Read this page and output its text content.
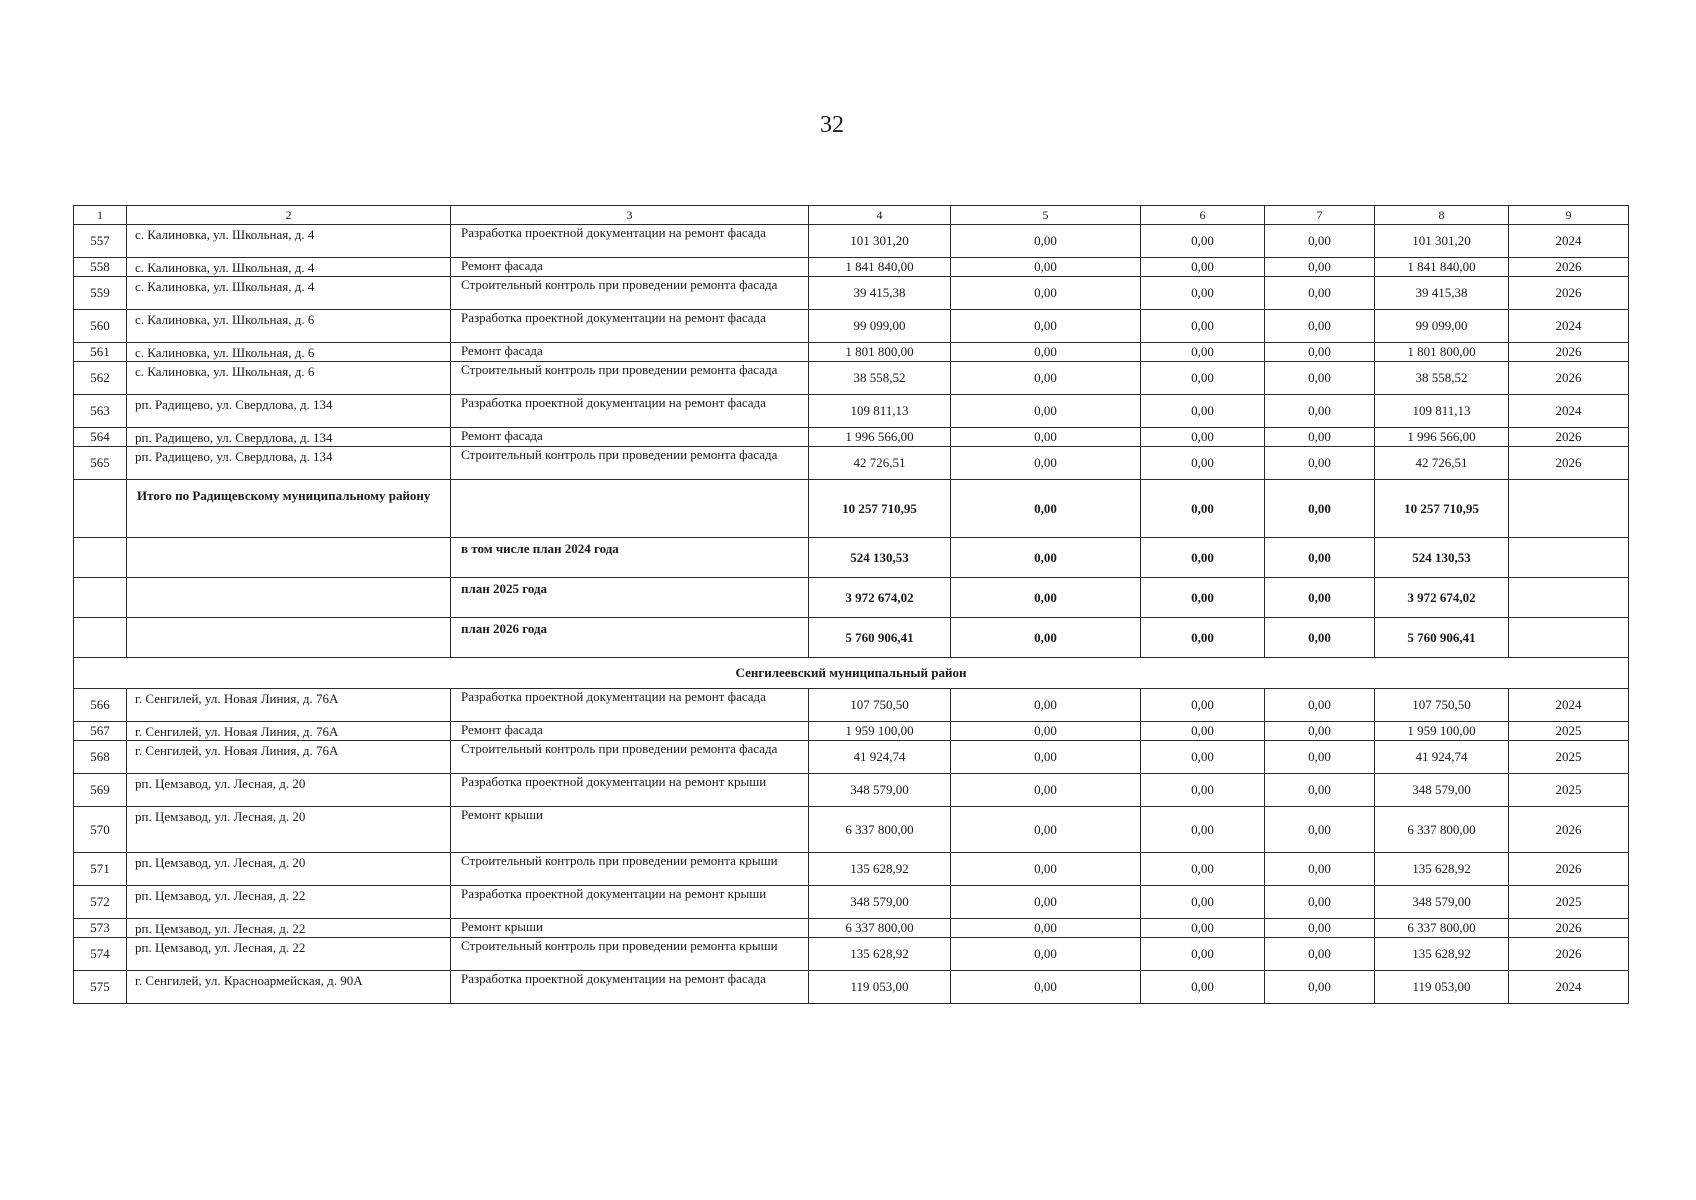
32
1	2	3	4	5	6	7	8	9
557	с. Калиновка, ул. Школьная, д. 4	Разработка проектной документации на ремонт фасада	101 301,20	0,00	0,00	0,00	101 301,20	2024
558	с. Калиновка, ул. Школьная, д. 4	Ремонт фасада	1 841 840,00	0,00	0,00	0,00	1 841 840,00	2026
559	с. Калиновка, ул. Школьная, д. 4	Строительный контроль при проведении ремонта фасада	39 415,38	0,00	0,00	0,00	39 415,38	2026
560	с. Калиновка, ул. Школьная, д. 6	Разработка проектной документации на ремонт фасада	99 099,00	0,00	0,00	0,00	99 099,00	2024
561	с. Калиновка, ул. Школьная, д. 6	Ремонт фасада	1 801 800,00	0,00	0,00	0,00	1 801 800,00	2026
562	с. Калиновка, ул. Школьная, д. 6	Строительный контроль при проведении ремонта фасада	38 558,52	0,00	0,00	0,00	38 558,52	2026
563	рп. Радищево, ул. Свердлова, д. 134	Разработка проектной документации на ремонт фасада	109 811,13	0,00	0,00	0,00	109 811,13	2024
564	рп. Радищево, ул. Свердлова, д. 134	Ремонт фасада	1 996 566,00	0,00	0,00	0,00	1 996 566,00	2026
565	рп. Радищево, ул. Свердлова, д. 134	Строительный контроль при проведении ремонта фасада	42 726,51	0,00	0,00	0,00	42 726,51	2026
	Итого по Радищевскому муниципальному району		10 257 710,95	0,00	0,00	0,00	10 257 710,95	
		в том числе план 2024 года	524 130,53	0,00	0,00	0,00	524 130,53	
		план 2025 года	3 972 674,02	0,00	0,00	0,00	3 972 674,02	
		план 2026 года	5 760 906,41	0,00	0,00	0,00	5 760 906,41	
Сенгилеевский муниципальный район								
566	г. Сенгилей, ул. Новая Линия, д. 76А	Разработка проектной документации на ремонт фасада	107 750,50	0,00	0,00	0,00	107 750,50	2024
567	г. Сенгилей, ул. Новая Линия, д. 76А	Ремонт фасада	1 959 100,00	0,00	0,00	0,00	1 959 100,00	2025
568	г. Сенгилей, ул. Новая Линия, д. 76А	Строительный контроль при проведении ремонта фасада	41 924,74	0,00	0,00	0,00	41 924,74	2025
569	рп. Цемзавод, ул. Лесная, д. 20	Разработка проектной документации на ремонт крыши	348 579,00	0,00	0,00	0,00	348 579,00	2025
570	рп. Цемзавод, ул. Лесная, д. 20	Ремонт крыши	6 337 800,00	0,00	0,00	0,00	6 337 800,00	2026
571	рп. Цемзавод, ул. Лесная, д. 20	Строительный контроль при проведении ремонта крыши	135 628,92	0,00	0,00	0,00	135 628,92	2026
572	рп. Цемзавод, ул. Лесная, д. 22	Разработка проектной документации на ремонт крыши	348 579,00	0,00	0,00	0,00	348 579,00	2025
573	рп. Цемзавод, ул. Лесная, д. 22	Ремонт крыши	6 337 800,00	0,00	0,00	0,00	6 337 800,00	2026
574	рп. Цемзавод, ул. Лесная, д. 22	Строительный контроль при проведении ремонта крыши	135 628,92	0,00	0,00	0,00	135 628,92	2026
575	г. Сенгилей, ул. Красноармейская, д. 90А	Разработка проектной документации на ремонт фасада	119 053,00	0,00	0,00	0,00	119 053,00	2024
